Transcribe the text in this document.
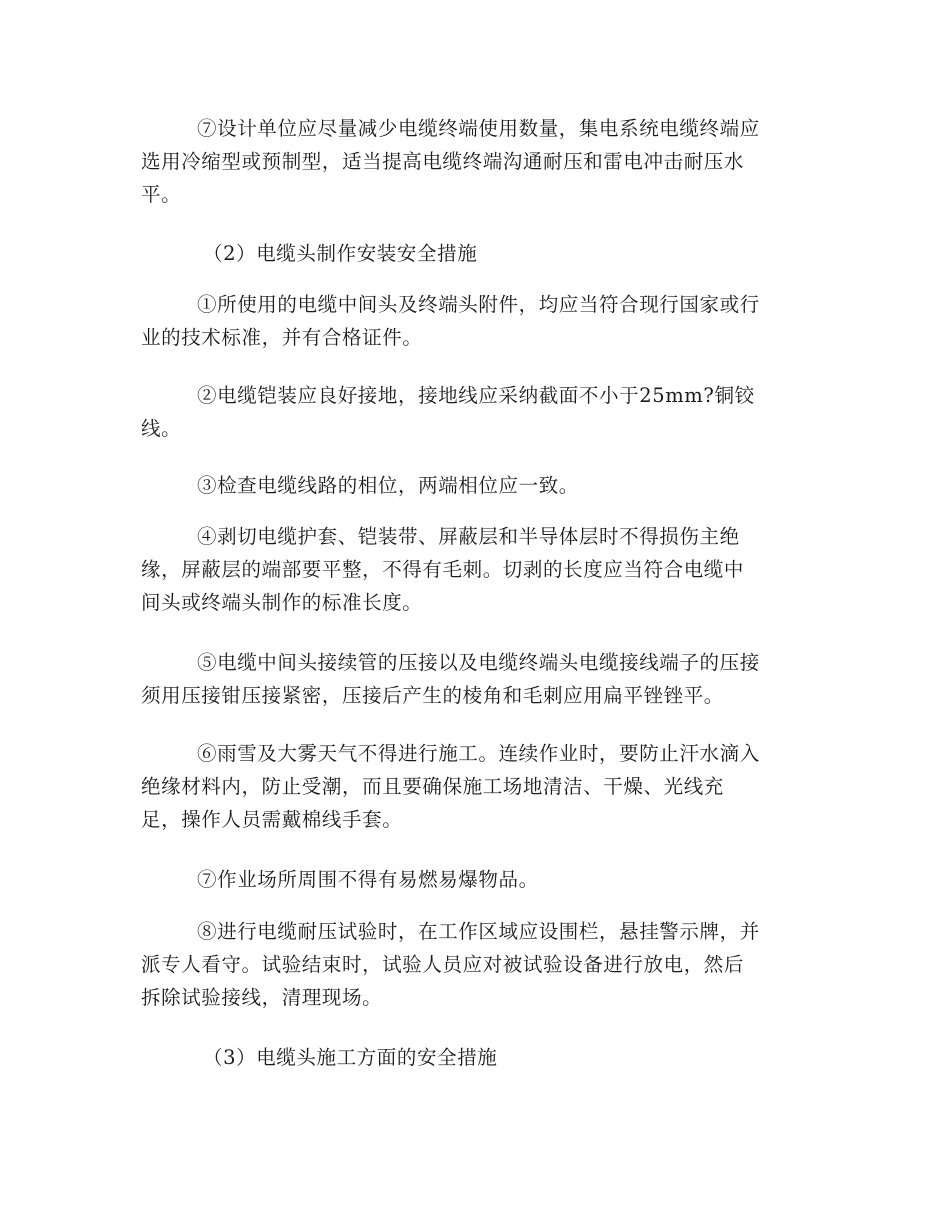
⑦设计单位应尽量减少电缆终端使用数量，集电系统电缆终端应
选用冷缩型或预制型，适当提高电缆终端沟通耐压和雷电冲击耐压水
平。
（2）电缆头制作安装安全措施
①所使用的电缆中间头及终端头附件，均应当符合现行国家或行
业的技术标准，并有合格证件。
②电缆铠装应良好接地，接地线应采纳截面不小于25mm?铜铰
线。
③检查电缆线路的相位，两端相位应一致。
④剥切电缆护套、铠装带、屏蔽层和半导体层时不得损伤主绝
缘，屏蔽层的端部要平整，不得有毛刺。切剥的长度应当符合电缆中
间头或终端头制作的标准长度。
⑤电缆中间头接续管的压接以及电缆终端头电缆接线端子的压接
须用压接钳压接紧密，压接后产生的棱角和毛刺应用扁平锉锉平。
⑥雨雪及大雾天气不得进行施工。连续作业时，要防止汗水滴入
绝缘材料内，防止受潮，而且要确保施工场地清洁、干燥、光线充
足，操作人员需戴棉线手套。
⑦作业场所周围不得有易燃易爆物品。
⑧进行电缆耐压试验时，在工作区域应设围栏，悬挂警示牌，并
派专人看守。试验结束时，试验人员应对被试验设备进行放电，然后
拆除试验接线，清理现场。
（3）电缆头施工方面的安全措施
